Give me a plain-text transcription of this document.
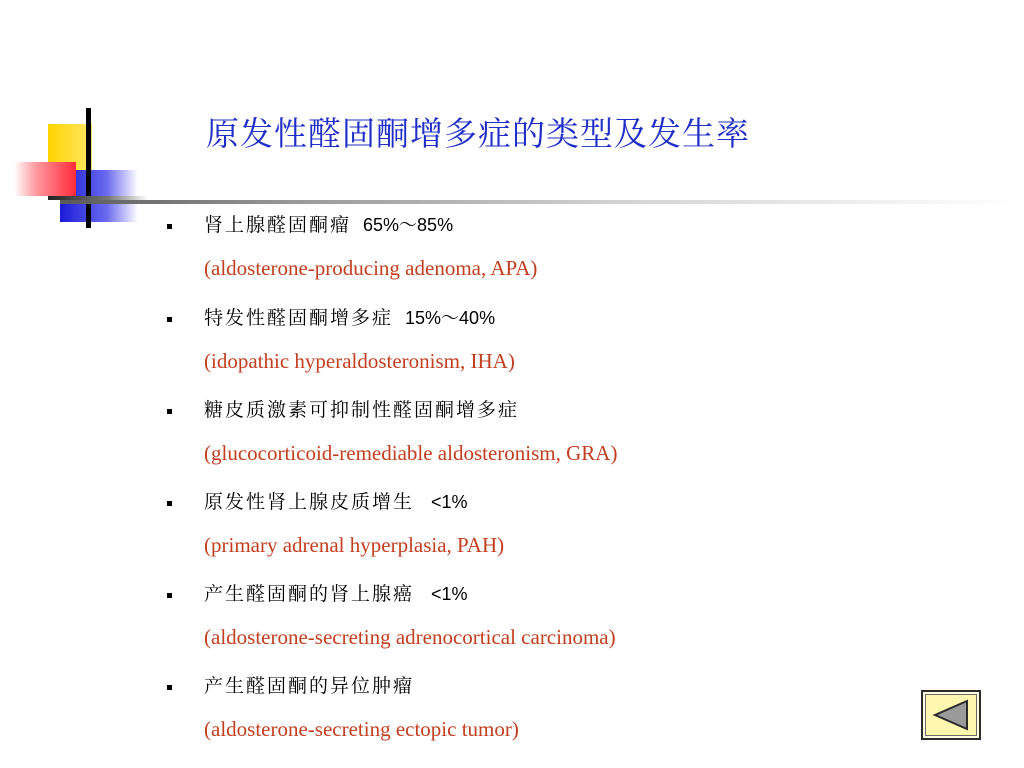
原发性醛固酮增多症的类型及发生率
肾上腺醛固酮瘤 65%～85%
(aldosterone-producing adenoma, APA)
特发性醛固酮增多症 15%～40%
(idopathic hyperaldosteronism, IHA)
糖皮质激素可抑制性醛固酮增多症
(glucocorticoid-remediable aldosteronism, GRA)
原发性肾上腺皮质增生 <1%
(primary adrenal hyperplasia, PAH)
产生醛固酮的肾上腺癌 <1%
(aldosterone-secreting adrenocortical carcinoma)
产生醛固酮的异位肿瘤
(aldosterone-secreting ectopic tumor)
